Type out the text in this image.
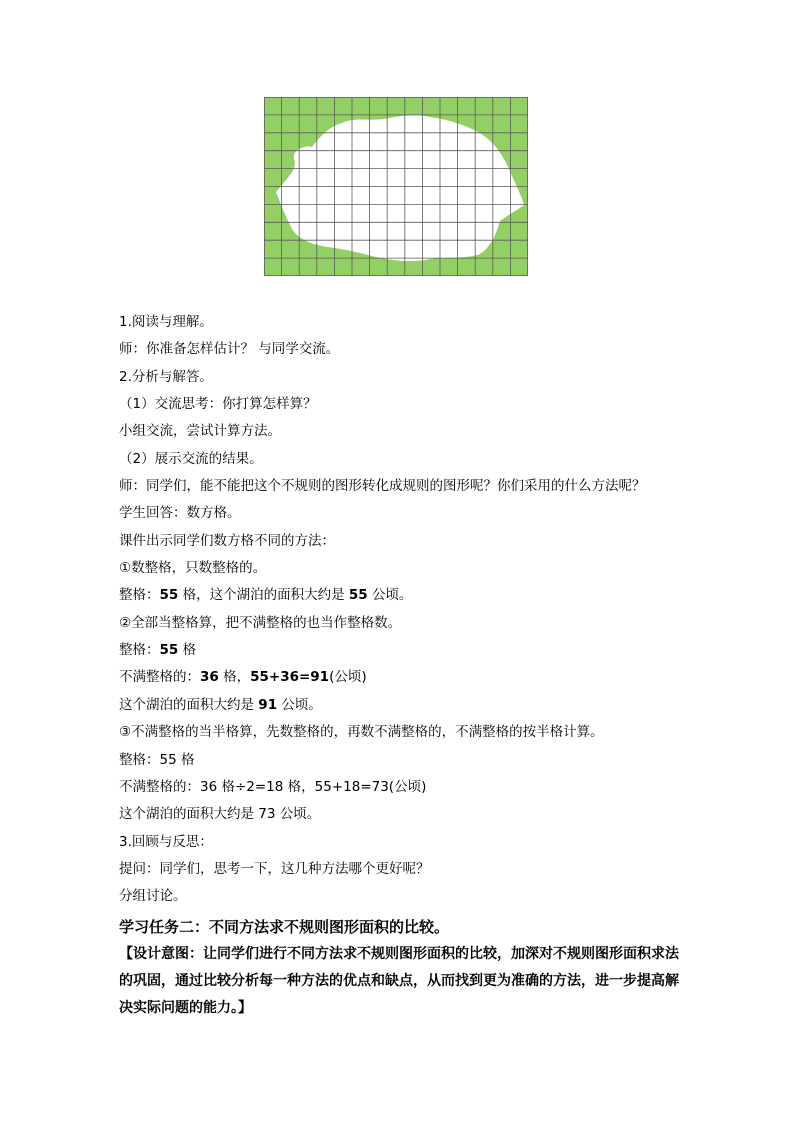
1.阅读与理解。
师：你准备怎样估计？ 与同学交流。
2.分析与解答。
（1）交流思考：你打算怎样算？
小组交流，尝试计算方法。
（2）展示交流的结果。
师：同学们，能不能把这个不规则的图形转化成规则的图形呢？你们采用的什么方法呢？
学生回答：数方格。
课件出示同学们数方格不同的方法：
①数整格，只数整格的。
整格：55 格，这个湖泊的面积大约是 55 公顷。
②全部当整格算，把不满整格的也当作整格数。
整格：55 格
不满整格的：36 格，55+36=91(公顷)
这个湖泊的面积大约是 91 公顷。
③不满整格的当半格算，先数整格的，再数不满整格的，不满整格的按半格计算。
整格：55 格
不满整格的：36 格÷2=18 格，55+18=73(公顷)
这个湖泊的面积大约是 73 公顷。
3.回顾与反思：
提问：同学们，思考一下，这几种方法哪个更好呢？
分组讨论。
学习任务二：不同方法求不规则图形面积的比较。
【设计意图：让同学们进行不同方法求不规则图形面积的比较，加深对不规则图形面积求法的巩固，通过比较分析每一种方法的优点和缺点，从而找到更为准确的方法，进一步提高解决实际问题的能力。】
